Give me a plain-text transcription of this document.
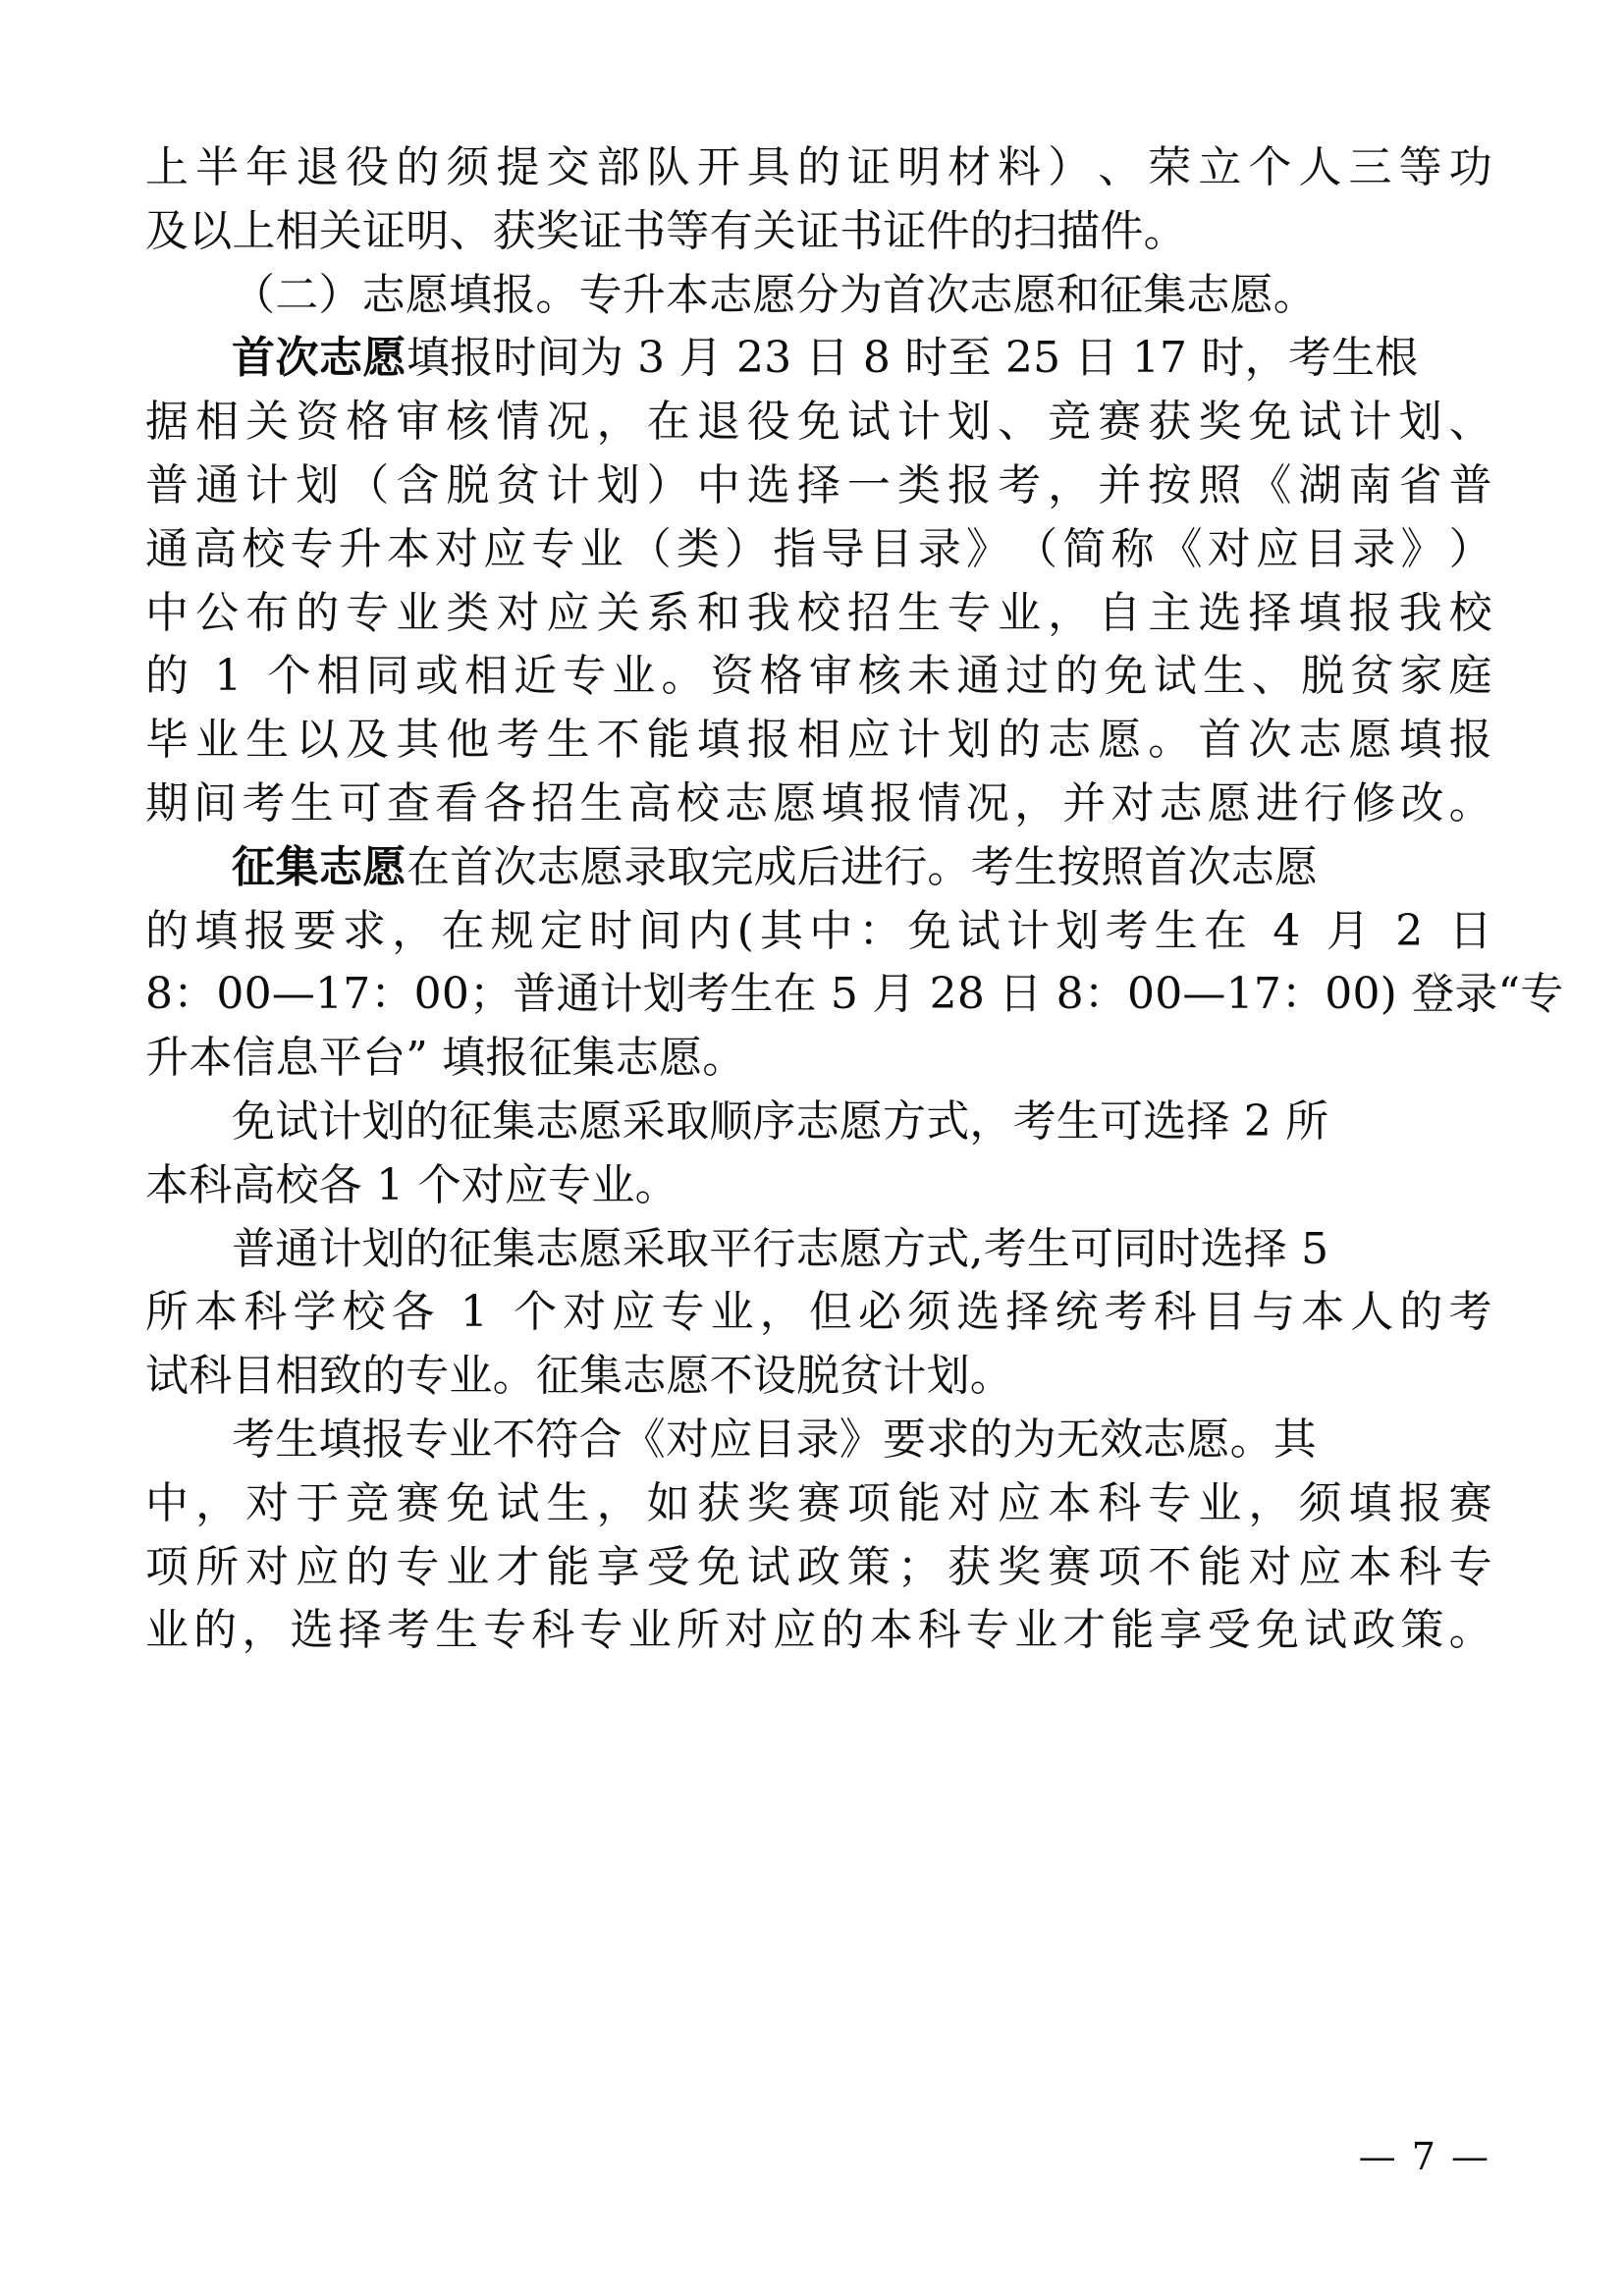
上 半 年 退 役 的 须 提 交 部 队 开 具 的 证 明 材 料 ） 、 荣 立 个 人 三 等 功
及以上相关证明、获奖证书等有关证书证件的扫描件。
（二）志愿填报。专升本志愿分为首次志愿和征集志愿。
首次志愿填报时间为 3 月 23 日 8 时至 25 日 17 时，考生根
据 相 关 资 格 审 核 情 况 ， 在 退 役 免 试 计 划 、 竞 赛 获 奖 免 试 计 划 、
普 通 计 划 （ 含 脱 贫 计 划 ） 中 选 择 一 类 报 考 ， 并 按 照 《 湖 南 省 普
通 高 校 专 升 本 对 应 专 业 （ 类 ） 指 导 目 录 》 （ 简 称 《 对 应 目 录 》 ）
中 公 布 的 专 业 类 对 应 关 系 和 我 校 招 生 专 业 ， 自 主 选 择 填 报 我 校
的
1
个 相 同 或 相 近 专 业 。 资 格 审 核 未 通 过 的 免 试 生 、 脱 贫 家 庭
毕 业 生 以 及 其 他 考 生 不 能 填 报 相 应 计 划 的 志 愿 。 首 次 志 愿 填 报
期 间 考 生 可 查 看 各 招 生 高 校 志 愿 填 报 情 况 ， 并 对 志 愿 进 行 修 改 。
征集志愿在首次志愿录取完成后进行。考生按照首次志愿
的 填 报 要 求 ， 在 规 定 时 间 内 ( 其 中 ： 免 试 计 划 考 生 在
4
月
2
日
8 ： 0 0 — 1 7 ： 0 0 ； 普 通 计 划 考 生 在
5
月
2 8
日
8 ： 0 0 — 1 7 ： 0 0 )
登 录 “ 专
升本信息平台” 填报征集志愿。
免试计划的征集志愿采取顺序志愿方式，考生可选择 2 所
本科高校各 1 个对应专业。
普通计划的征集志愿采取平行志愿方式,考生可同时选择 5
所 本 科 学 校 各
1
个 对 应 专 业 ， 但 必 须 选 择 统 考 科 目 与 本 人 的 考
试科目相致的专业。征集志愿不设脱贫计划。
考生填报专业不符合《对应目录》要求的为无效志愿。其
中 ， 对 于 竞 赛 免 试 生 ， 如 获 奖 赛 项 能 对 应 本 科 专 业 ， 须 填 报 赛
项 所 对 应 的 专 业 才 能 享 受 免 试 政 策 ； 获 奖 赛 项 不 能 对 应 本 科 专
业 的 ， 选 择 考 生 专 科 专 业 所 对 应 的 本 科 专 业 才 能 享 受 免 试 政 策 。
— 7 —
